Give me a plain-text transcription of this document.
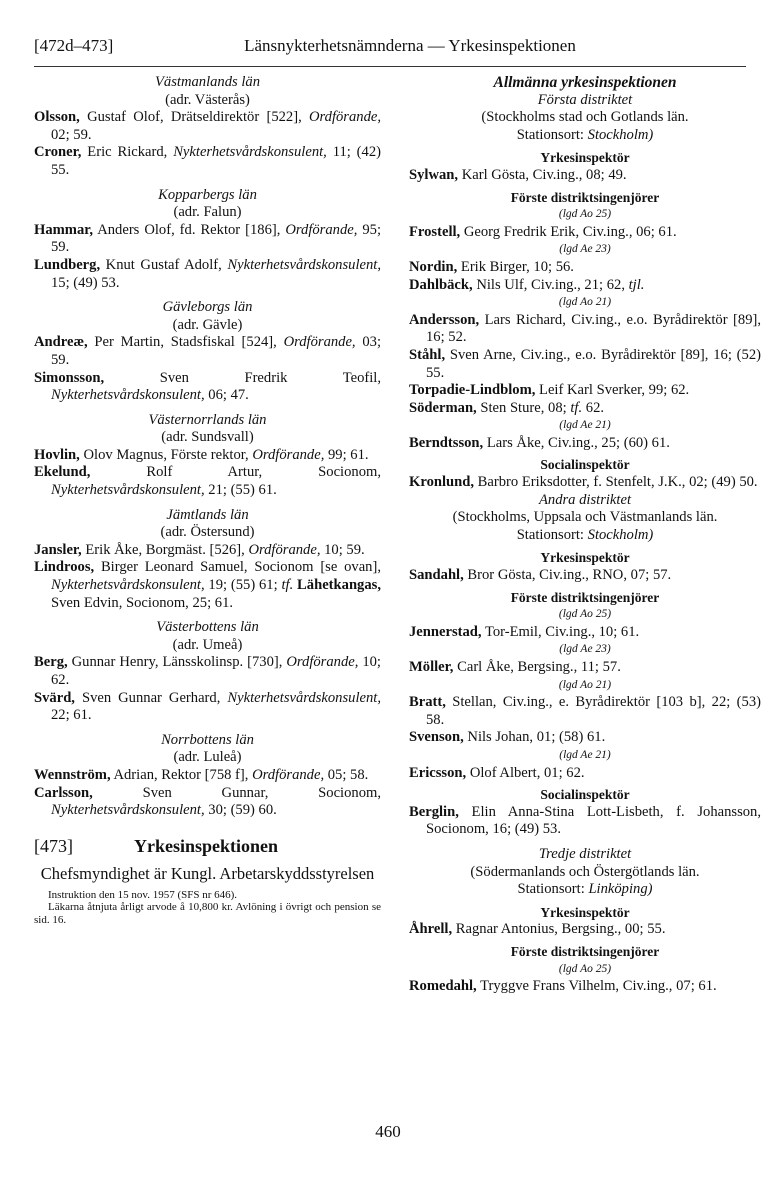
[472d–473]	Länsnykterhetsnämnderna — Yrkesinspektionen
Västmanlands län
(adr. Västerås)

Olsson, Gustaf Olof, Drätseldirektör [522], Ordförande, 02; 59.

Croner, Eric Rickard, Nykterhetsvårdskonsulent, 11; (42) 55.

Kopparbergs län
(adr. Falun)

Hammar, Anders Olof, fd. Rektor [186], Ordförande, 95; 59.

Lundberg, Knut Gustaf Adolf, Nykterhetsvårdskonsulent, 15; (49) 53.

Gävleborgs län
(adr. Gävle)

Andreæ, Per Martin, Stadsfiskal [524], Ordförande, 03; 59.

Simonsson, Sven Fredrik Teofil, Nykterhetsvårdskonsulent, 06; 47.

Västernorrlands län
(adr. Sundsvall)

Hovlin, Olov Magnus, Förste rektor, Ordförande, 99; 61.

Ekelund, Rolf Artur, Socionom, Nykterhetsvårdskonsulent, 21; (55) 61.

Jämtlands län
(adr. Östersund)

Jansler, Erik Åke, Borgmäst. [526], Ordförande, 10; 59.

Lindroos, Birger Leonard Samuel, Socionom [se ovan], Nykterhetsvårdskonsulent, 19; (55) 61; tf. Lähetkangas, Sven Edvin, Socionom, 25; 61.

Västerbottens län
(adr. Umeå)

Berg, Gunnar Henry, Länsskolinsp. [730], Ordförande, 10; 62.

Svärd, Sven Gunnar Gerhard, Nykterhetsvårdskonsulent, 22; 61.

Norrbottens län
(adr. Luleå)

Wennström, Adrian, Rektor [758 f], Ordförande, 05; 58.

Carlsson, Sven Gunnar, Socionom, Nykterhetsvårdskonsulent, 30; (59) 60.

[473]	Yrkesinspektionen
Chefsmyndighet är Kungl. Arbetarskyddsstyrelsen
Instruktion den 15 nov. 1957 (SFS nr 646).
Läkarna åtnjuta årligt arvode å 10,800 kr. Avlöning i övrigt och pension se sid. 16.
Allmänna yrkesinspektionen
Första distriktet
(Stockholms stad och Gotlands län.
Stationsort: Stockholm)
Yrkesinspektör

Sylwan, Karl Gösta, Civ.ing., 08; 49.

Förste distriktsingenjörer
(lgd Ao 25)

Frostell, Georg Fredrik Erik, Civ.ing., 06; 61.

(lgd Ae 23)

Nordin, Erik Birger, 10; 56.

Dahlbäck, Nils Ulf, Civ.ing., 21; 62, tjl.

(lgd Ao 21)

Andersson, Lars Richard, Civ.ing., e.o. Byrådirektör [89], 16; 52.

Ståhl, Sven Arne, Civ.ing., e.o. Byrådirektör [89], 16; (52) 55.

Torpadie-Lindblom, Leif Karl Sverker, 99; 62.

Söderman, Sten Sture, 08; tf. 62.

(lgd Ae 21)

Berndtsson, Lars Åke, Civ.ing., 25; (60) 61.

Socialinspektör

Kronlund, Barbro Eriksdotter, f. Stenfelt, J.K., 02; (49) 50.

Andra distriktet
(Stockholms, Uppsala och Västmanlands län.
Stationsort: Stockholm)
Yrkesinspektör

Sandahl, Bror Gösta, Civ.ing., RNO, 07; 57.

Förste distriktsingenjörer
(lgd Ao 25)

Jennerstad, Tor-Emil, Civ.ing., 10; 61.

(lgd Ae 23)

Möller, Carl Åke, Bergsing., 11; 57.

(lgd Ao 21)

Bratt, Stellan, Civ.ing., e. Byrådirektör [103 b], 22; (53) 58.

Svenson, Nils Johan, 01; (58) 61.

(lgd Ae 21)

Ericsson, Olof Albert, 01; 62.

Socialinspektör

Berglin, Elin Anna-Stina Lott-Lisbeth, f. Johansson, Socionom, 16; (49) 53.

Tredje distriktet
(Södermanlands och Östergötlands län.
Stationsort: Linköping)
Yrkesinspektör

Åhrell, Ragnar Antonius, Bergsing., 00; 55.

Förste distriktsingenjörer
(lgd Ao 25)

Romedahl, Tryggve Frans Vilhelm, Civ.ing., 07; 61.

460
